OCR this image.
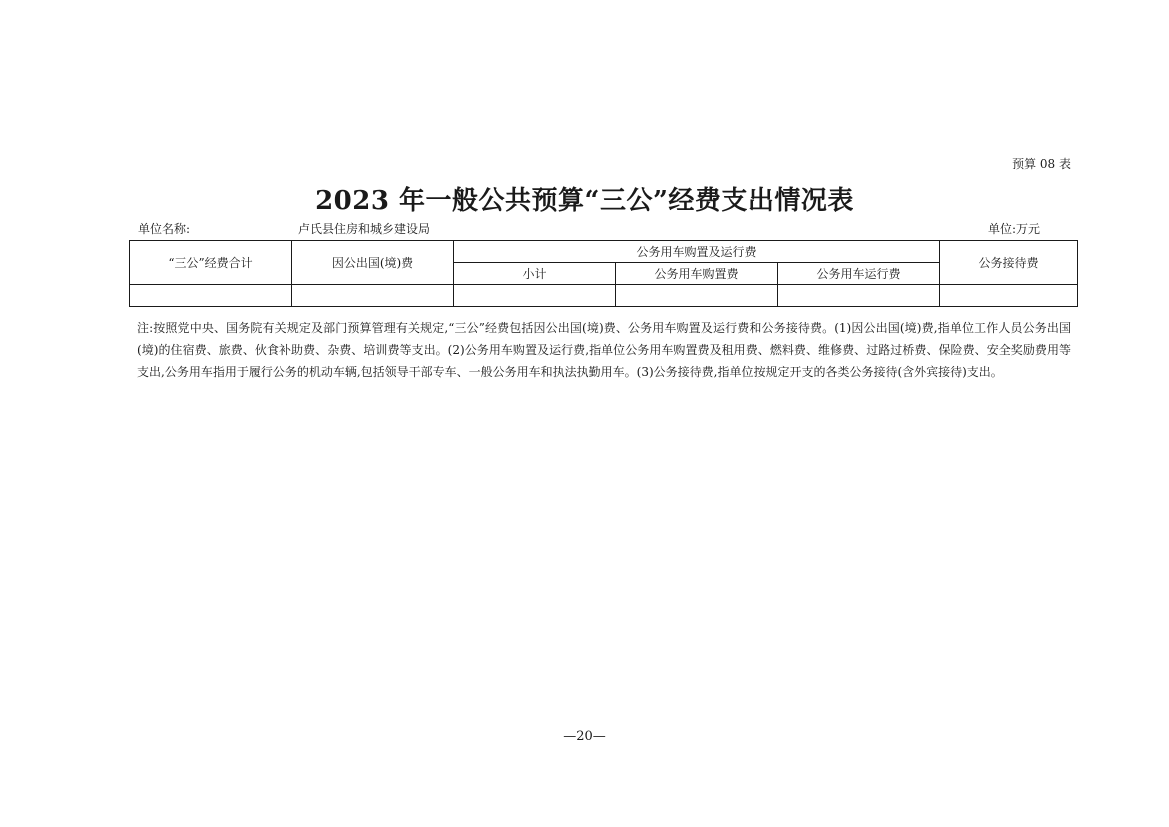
预算 08 表
2023 年一般公共预算“三公”经费支出情况表
单位名称:	卢氏县住房和城乡建设局	单位:万元
“三公”经费合计	因公出国(境)费	公务用车购置及运行费			公务接待费
		小计	公务用车购置费	公务用车运行费	

注:按照党中央、国务院有关规定及部门预算管理有关规定,“三公”经费包括因公出国(境)费、公务用车购置及运行费和公务接待费。(1)因公出国(境)费,指单位工作人员公务出国(境)的住宿费、旅费、伙食补助费、杂费、培训费等支出。(2)公务用车购置及运行费,指单位公务用车购置费及租用费、燃料费、维修费、过路过桥费、保险费、安全奖励费用等支出,公务用车指用于履行公务的机动车辆,包括领导干部专车、一般公务用车和执法执勤用车。(3)公务接待费,指单位按规定开支的各类公务接待(含外宾接待)支出。
—20—
